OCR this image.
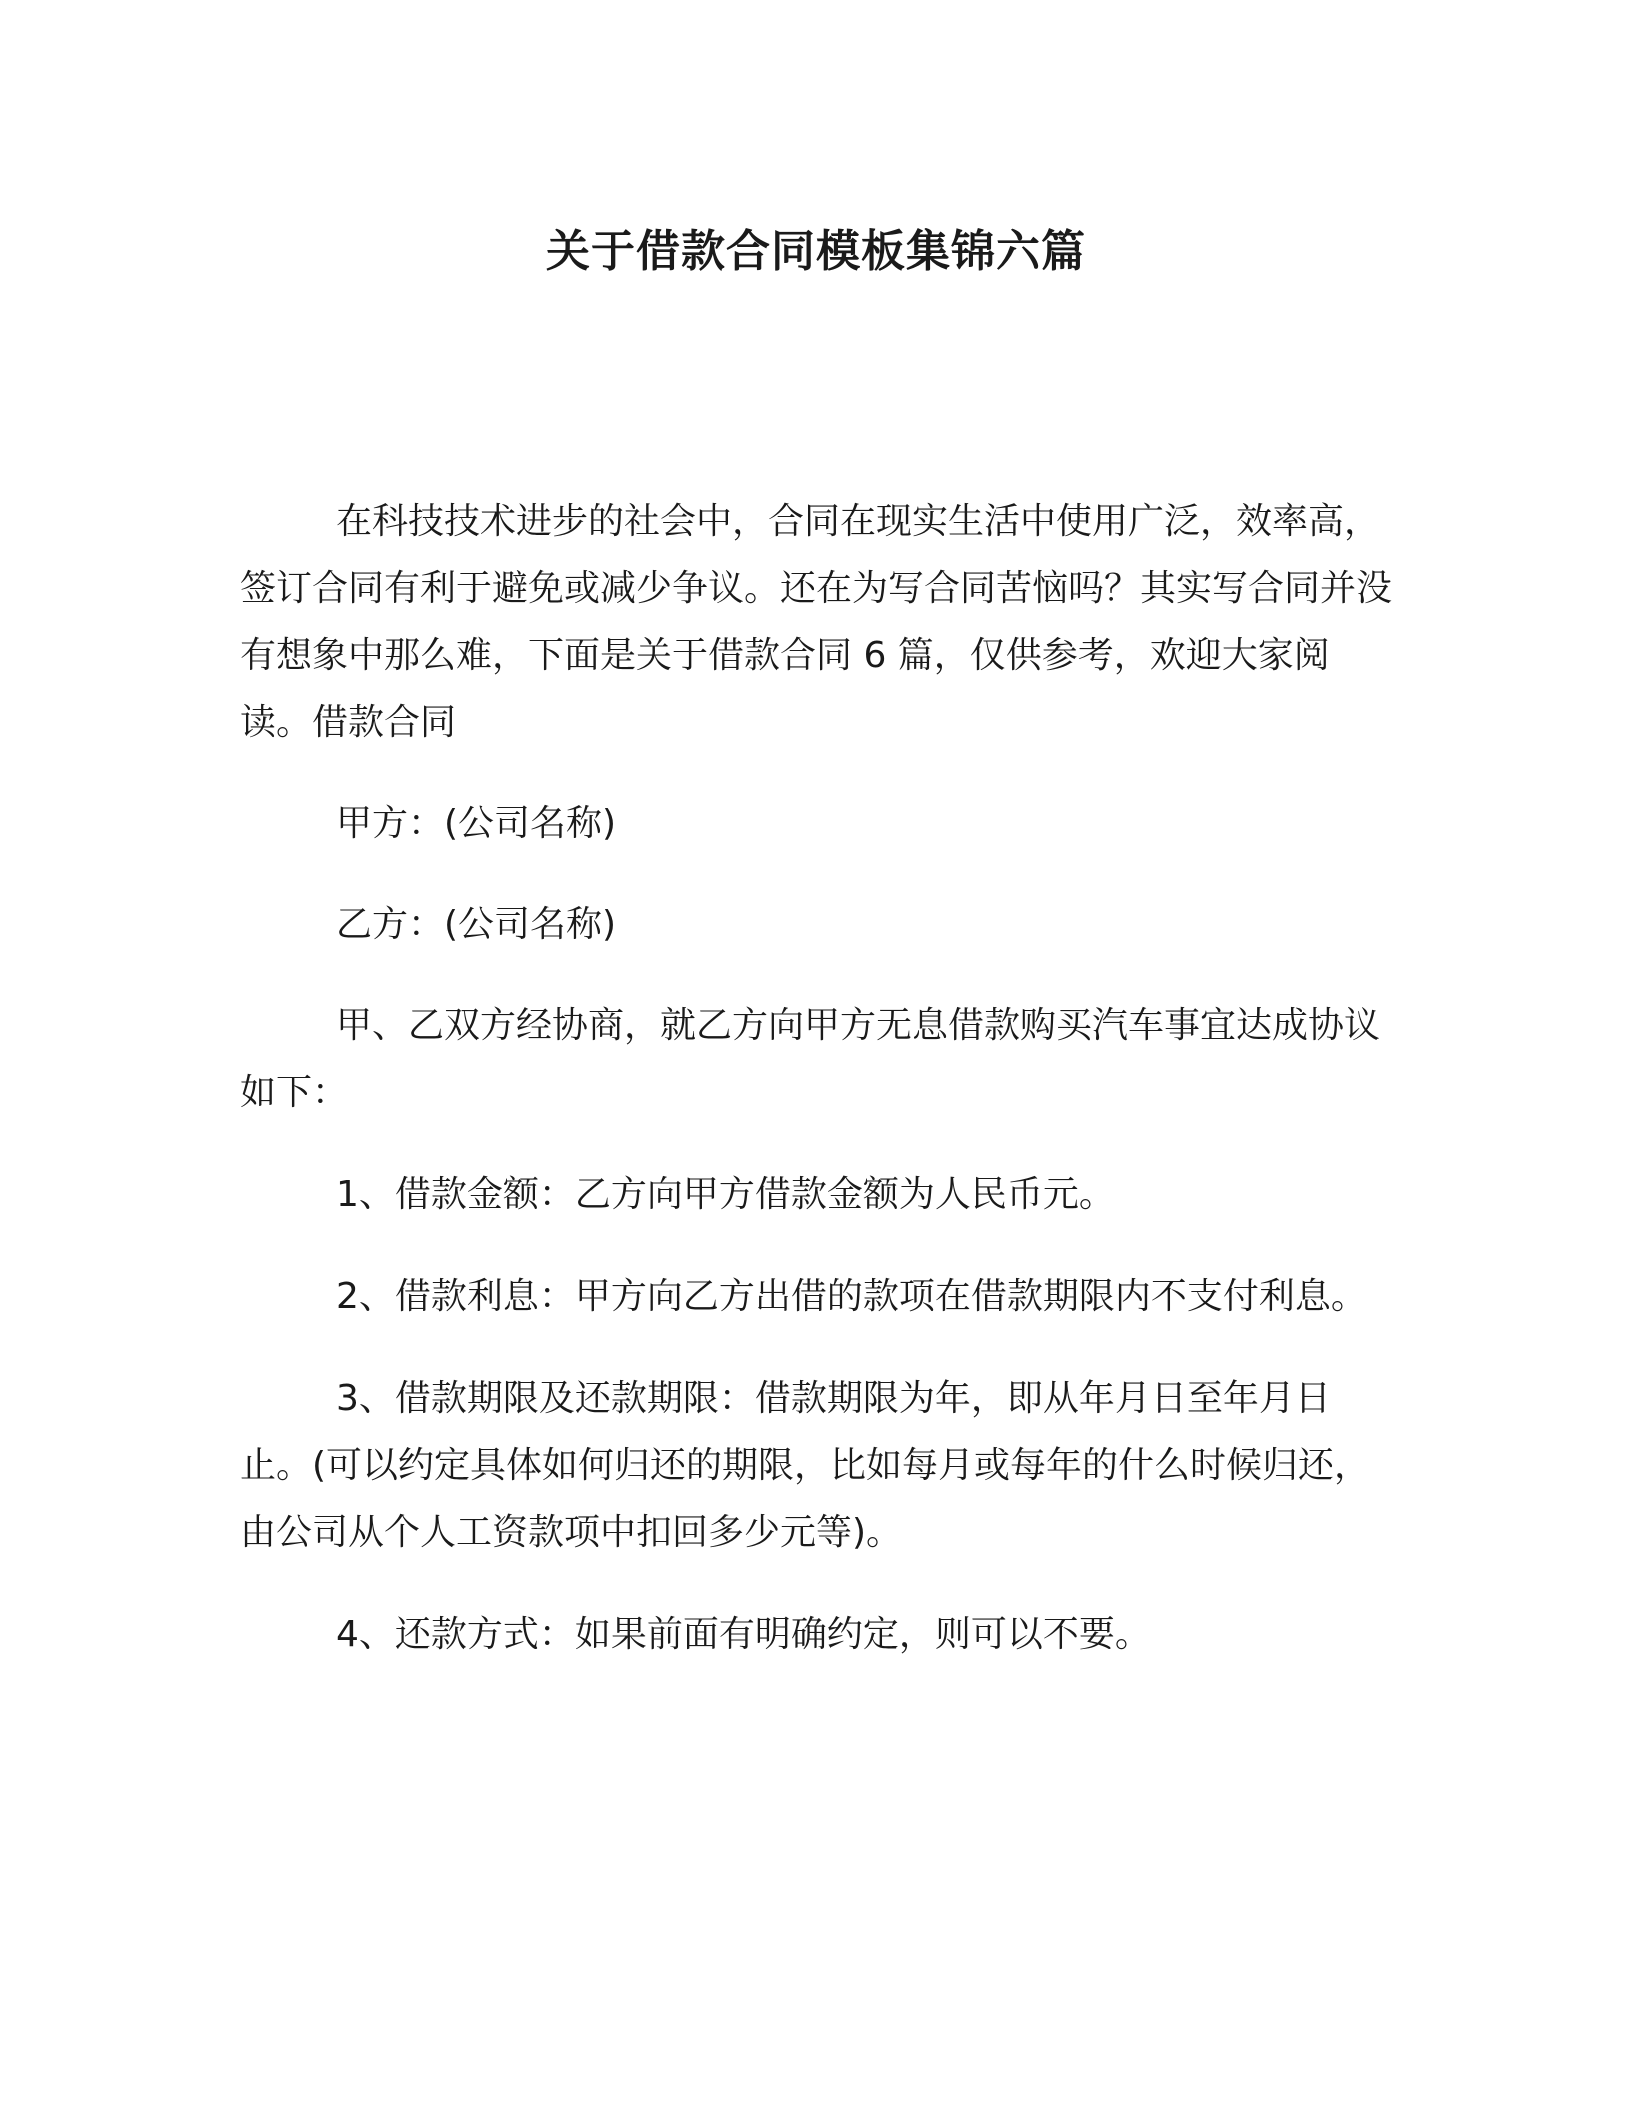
关于借款合同模板集锦六篇

在科技技术进步的社会中，合同在现实生活中使用广泛，效率高，签订合同有利于避免或减少争议。还在为写合同苦恼吗？其实写合同并没有想象中那么难，下面是关于借款合同 6 篇，仅供参考，欢迎大家阅读。借款合同

甲方：(公司名称)

乙方：(公司名称)

甲、乙双方经协商，就乙方向甲方无息借款购买汽车事宜达成协议如下：

1、借款金额：乙方向甲方借款金额为人民币元。

2、借款利息：甲方向乙方出借的款项在借款期限内不支付利息。

3、借款期限及还款期限：借款期限为年，即从年月日至年月日止。(可以约定具体如何归还的期限，比如每月或每年的什么时候归还，由公司从个人工资款项中扣回多少元等)。

4、还款方式：如果前面有明确约定，则可以不要。
